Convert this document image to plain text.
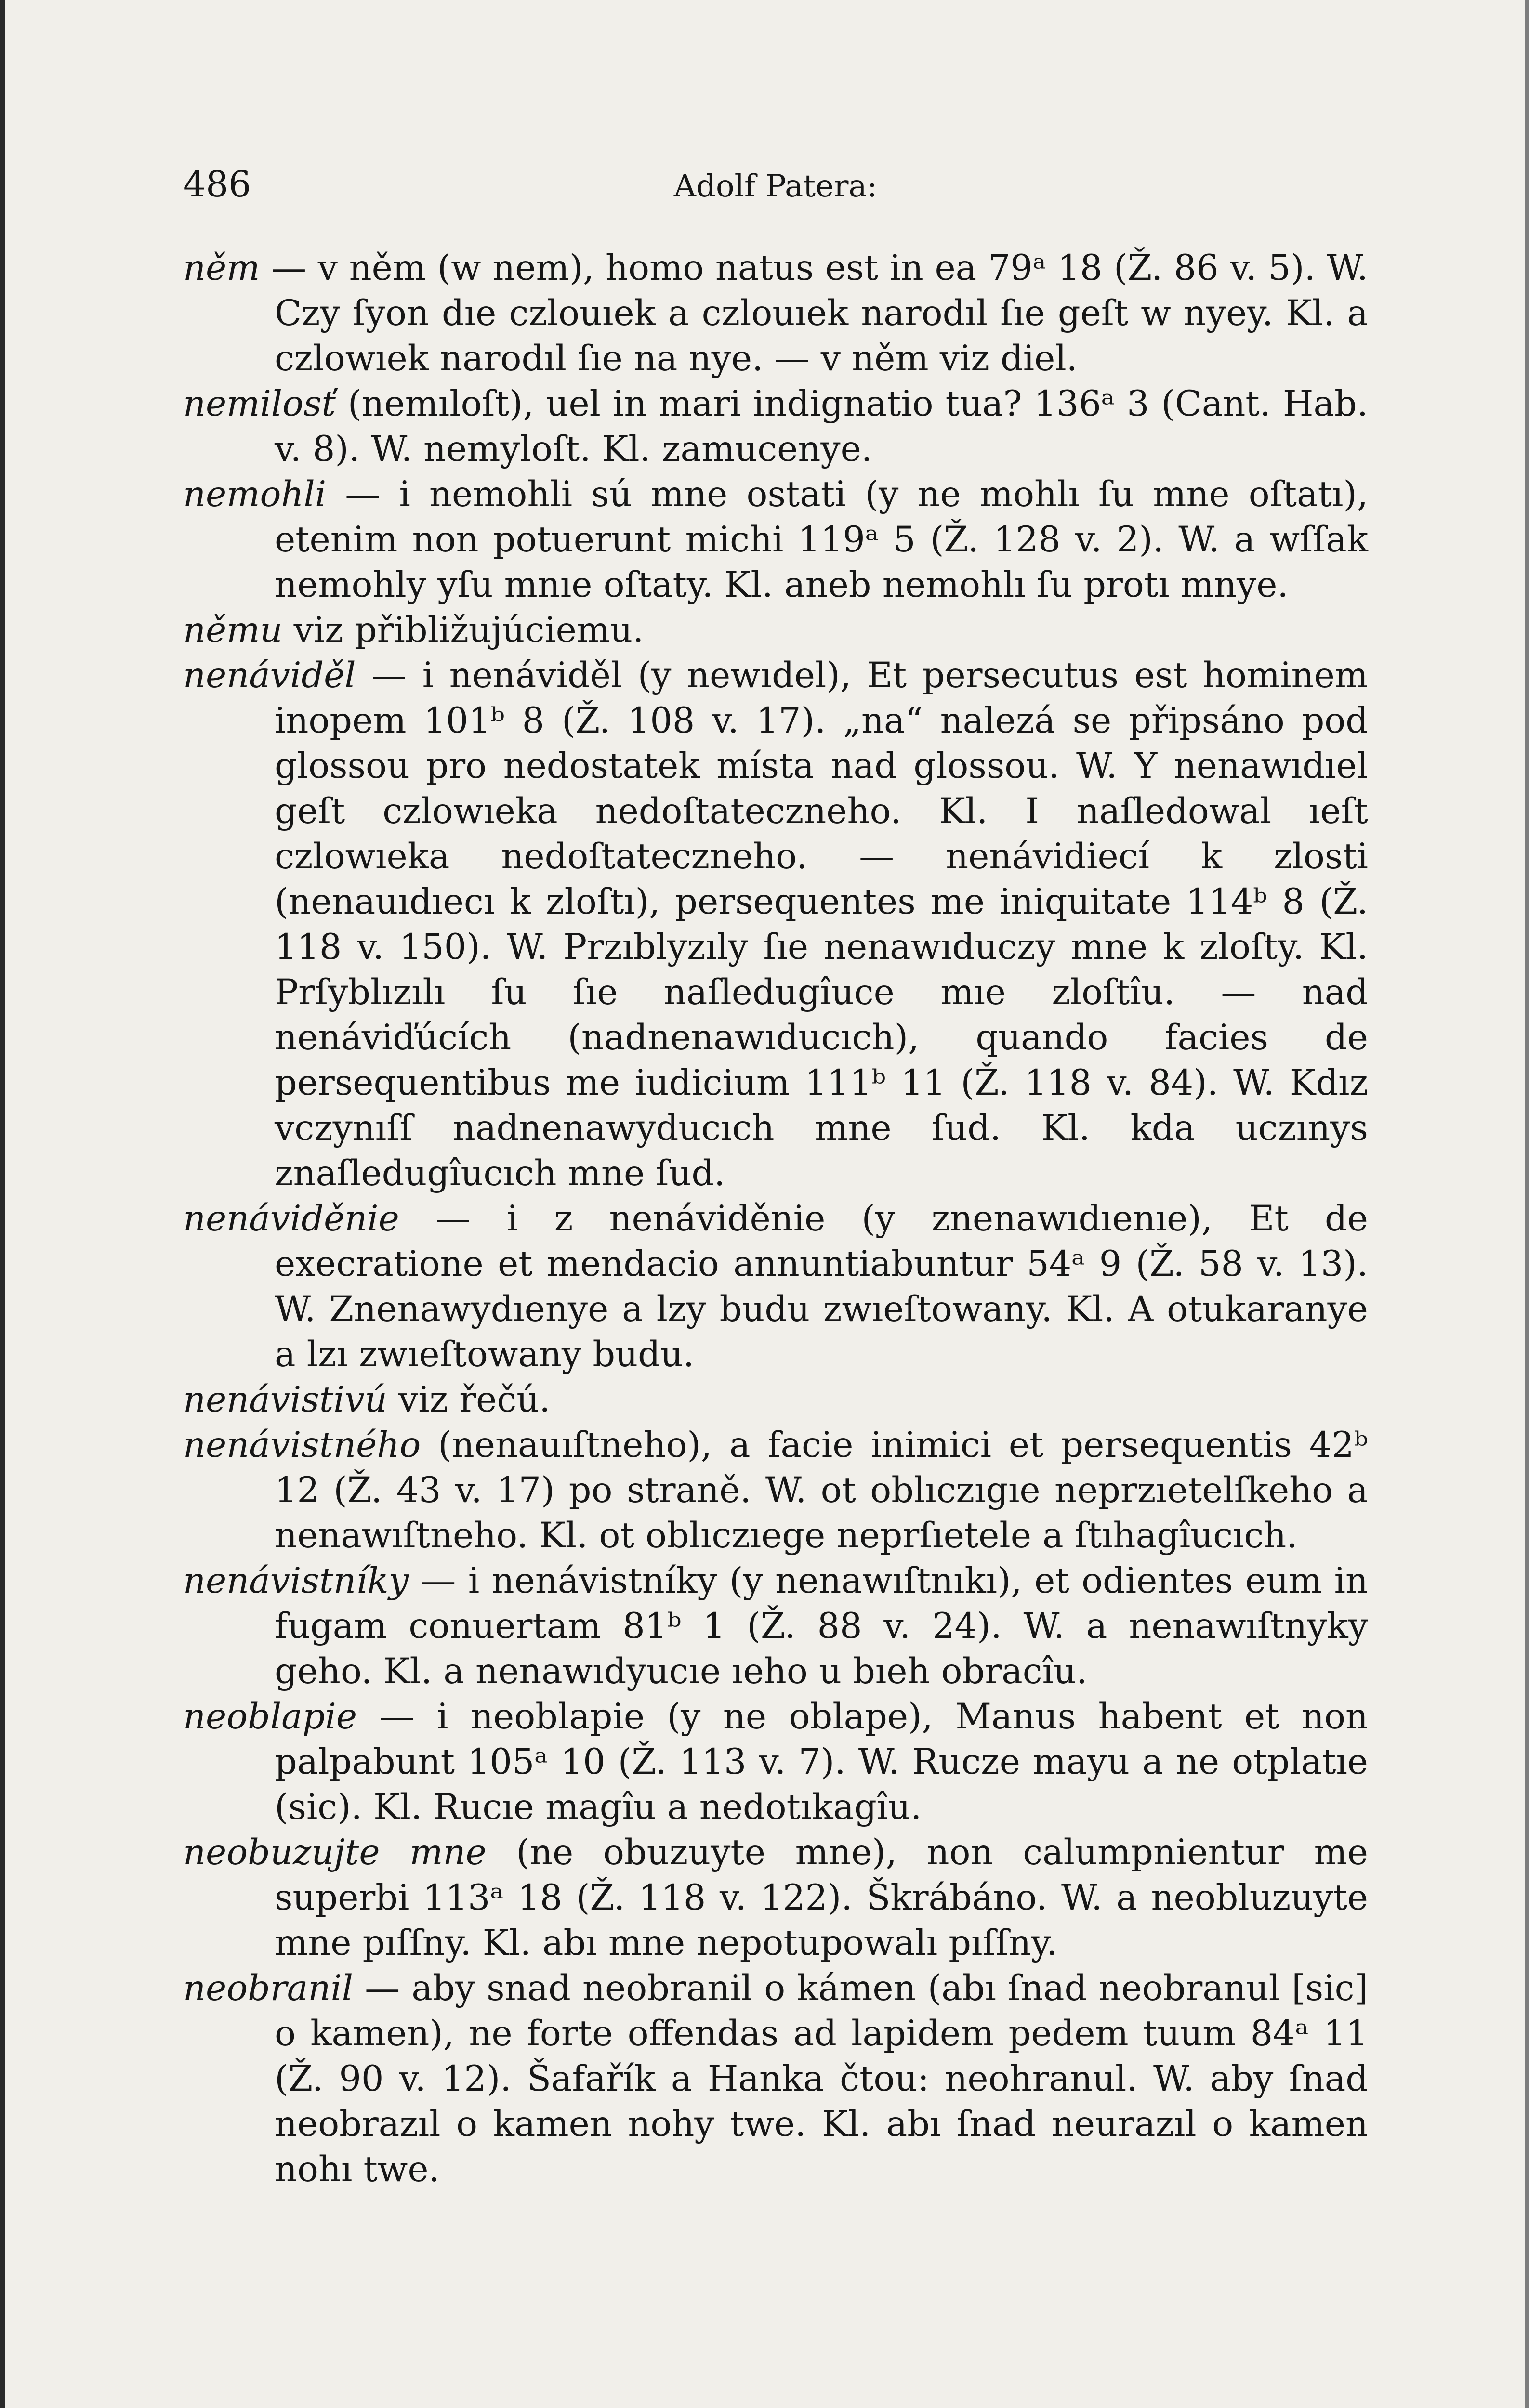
486	Adolf Patera:

něm — v něm (w nem), homo natus est in ea 79ᵃ 18 (Ž. 86 v. 5). W. Czy ſyon dıe czlouıek a czlouıek narodıl ſıe geſt w nyey. Kl. a czlowıek narodıl ſıe na nye. — v něm viz diel.

nemilosť (nemıloſt), uel in mari indignatio tua? 136ᵃ 3 (Cant. Hab. v. 8). W. nemyloſt. Kl. zamucenye.

nemohli — i nemohli sú mne ostati (y ne mohlı ſu mne oſtatı), etenim non potuerunt michi 119ᵃ 5 (Ž. 128 v. 2). W. a wſſak nemohly yſu mnıe oſtaty. Kl. aneb nemohlı ſu protı mnye.

němu viz přibližujúciemu.

nenáviděl — i nenáviděl (y newıdel), Et persecutus est hominem inopem 101ᵇ 8 (Ž. 108 v. 17). „na“ nalezá se připsáno pod glossou pro nedostatek místa nad glossou. W. Y nenawıdıel geſt czlowıeka nedoſtateczneho. Kl. I naſledowal ıeſt czlowıeka nedoſtateczneho. — nenávidiecí k zlosti (nenauıdıecı k zloſtı), persequentes me iniquitate 114ᵇ 8 (Ž. 118 v. 150). W. Przıblyzıly ſıe nenawıduczy mne k zloſty. Kl. Prſyblızılı ſu ſıe naſledugîuce mıe zloſtîu. — nad nenáviďúcích (nadnenawıducıch), quando facies de persequentibus me iudicium 111ᵇ 11 (Ž. 118 v. 84). W. Kdız vczynıſſ nadnenawyducıch mne ſud. Kl. kda uczınys znaſledugîucıch mne ſud.

nenáviděnie — i z nenáviděnie (y znenawıdıenıe), Et de execratione et mendacio annuntiabuntur 54ᵃ 9 (Ž. 58 v. 13). W. Znenawydıenye a lzy budu zwıeſtowany. Kl. A otukaranye a lzı zwıeſtowany budu.

nenávistivú viz řečú.

nenávistného (nenauıſtneho), a facie inimici et persequentis 42ᵇ 12 (Ž. 43 v. 17) po straně. W. ot oblıczıgıe neprzıetelſkeho a nenawıſtneho. Kl. ot oblıczıege neprſıetele a ſtıhagîucıch.

nenávistníky — i nenávistníky (y nenawıſtnıkı), et odientes eum in fugam conuertam 81ᵇ 1 (Ž. 88 v. 24). W. a nenawıſtnyky geho. Kl. a nenawıdyucıe ıeho u bıeh obracîu.

neoblapie — i neoblapie (y ne oblape), Manus habent et non palpabunt 105ᵃ 10 (Ž. 113 v. 7). W. Rucze mayu a ne otplatıe (sic). Kl. Rucıe magîu a nedotıkagîu.

neobuzujte mne (ne obuzuyte mne), non calumpnientur me superbi 113ᵃ 18 (Ž. 118 v. 122). Škrábáno. W. a neobluzuyte mne pıſſny. Kl. abı mne nepotupowalı pıſſny.

neobranil — aby snad neobranil o kámen (abı ſnad neobranul [sic] o kamen), ne forte offendas ad lapidem pedem tuum 84ᵃ 11 (Ž. 90 v. 12). Šafařík a Hanka čtou: neohranul. W. aby ſnad neobrazıl o kamen nohy twe. Kl. abı ſnad neurazıl o kamen nohı twe.
